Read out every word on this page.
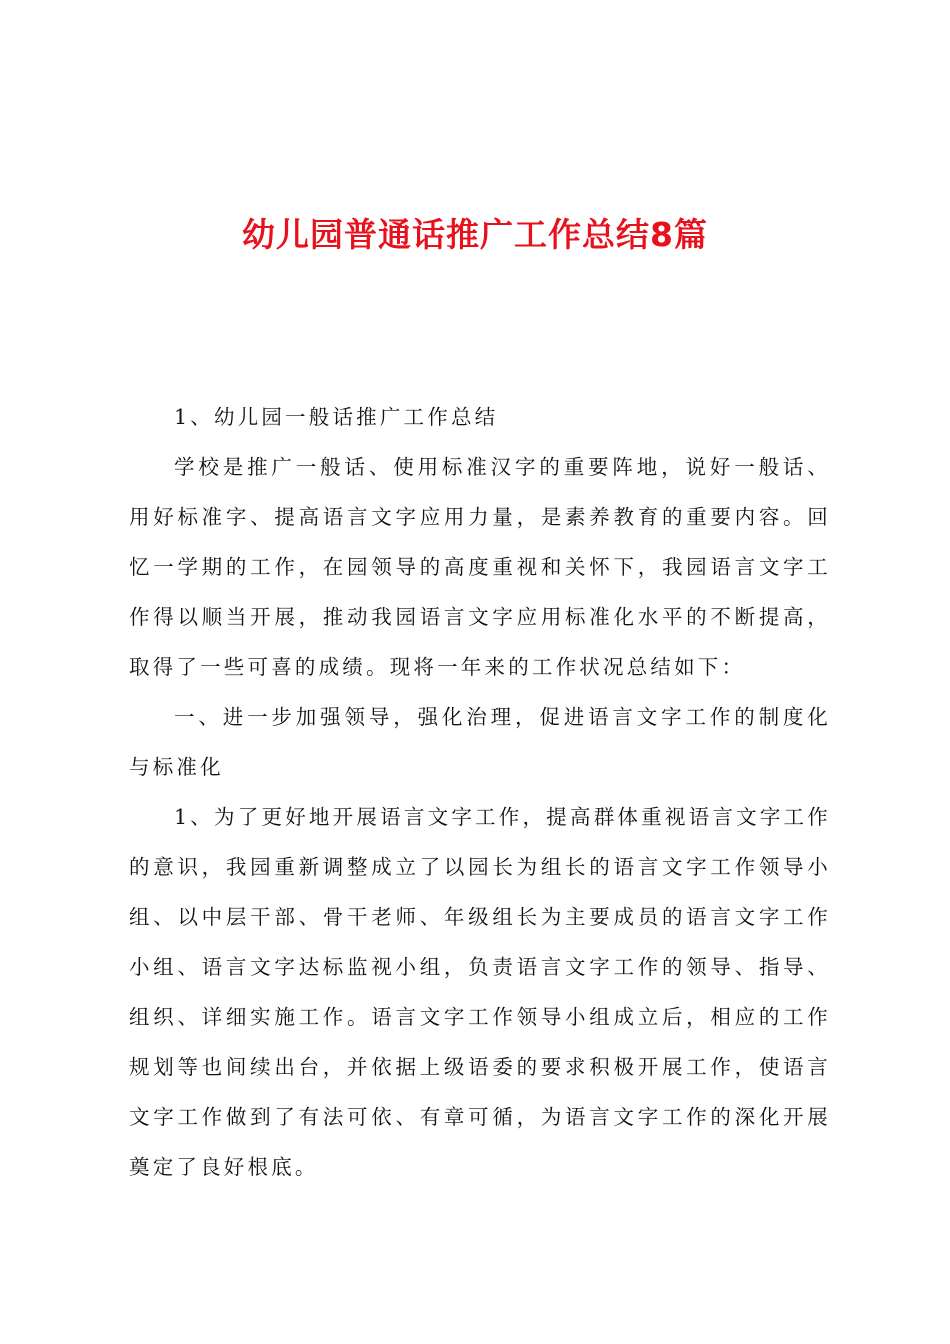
幼儿园普通话推广工作总结8篇

1、幼儿园一般话推广工作总结

学校是推广一般话、使用标准汉字的重要阵地，说好一般话、用好标准字、提高语言文字应用力量，是素养教育的重要内容。回忆一学期的工作，在园领导的高度重视和关怀下，我园语言文字工作得以顺当开展，推动我园语言文字应用标准化水平的不断提高，取得了一些可喜的成绩。现将一年来的工作状况总结如下：

一、进一步加强领导，强化治理，促进语言文字工作的制度化与标准化

1、为了更好地开展语言文字工作，提高群体重视语言文字工作的意识，我园重新调整成立了以园长为组长的语言文字工作领导小组、以中层干部、骨干老师、年级组长为主要成员的语言文字工作小组、语言文字达标监视小组，负责语言文字工作的领导、指导、组织、详细实施工作。语言文字工作领导小组成立后，相应的工作规划等也间续出台，并依据上级语委的要求积极开展工作，使语言文字工作做到了有法可依、有章可循，为语言文字工作的深化开展奠定了良好根底。
